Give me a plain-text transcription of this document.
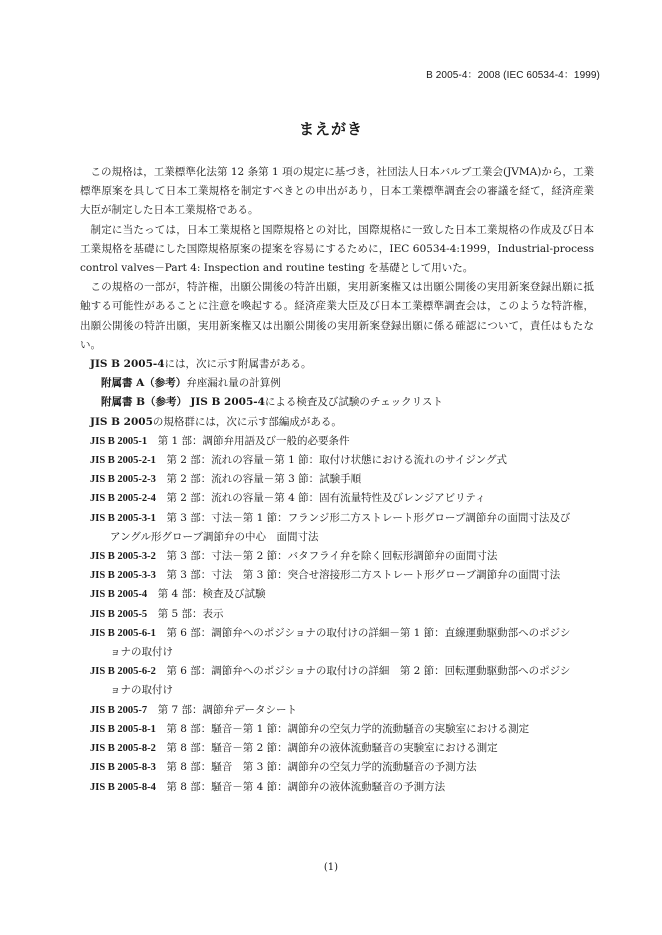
B 2005-4：2008 (IEC 60534-4：1999)
まえがき

この規格は，工業標準化法第 12 条第 1 項の規定に基づき，社団法人日本バルブ工業会(JVMA)から，工業標準原案を具して日本工業規格を制定すべきとの申出があり，日本工業標準調査会の審議を経て，経済産業大臣が制定した日本工業規格である。

制定に当たっては，日本工業規格と国際規格との対比，国際規格に一致した日本工業規格の作成及び日本工業規格を基礎にした国際規格原案の提案を容易にするために，IEC 60534-4:1999，Industrial-process control valves－Part 4: Inspection and routine testing を基礎として用いた。

この規格の一部が，特許権，出願公開後の特許出願，実用新案権又は出願公開後の実用新案登録出願に抵触する可能性があることに注意を喚起する。経済産業大臣及び日本工業標準調査会は，このような特許権，出願公開後の特許出願，実用新案権又は出願公開後の実用新案登録出願に係る確認について，責任はもたない。

JIS B 2005-4には，次に示す附属書がある。

附属書 A（参考）弁座漏れ量の計算例

附属書 B（参考） JIS B 2005-4による検査及び試験のチェックリスト

JIS B 2005の規格群には，次に示す部編成がある。

JIS B 2005-1　 第 1 部：調節弁用語及び一般的必要条件
JIS B 2005-2-1　 第 2 部：流れの容量－第 1 節：取付け状態における流れのサイジング式
JIS B 2005-2-3　 第 2 部：流れの容量－第 3 節：試験手順
JIS B 2005-2-4　 第 2 部：流れの容量－第 4 節：固有流量特性及びレンジアビリティ
JIS B 2005-3-1　 第 3 部：寸法－第 1 節：フランジ形二方ストレート形グローブ調節弁の面間寸法及び
アングル形グローブ調節弁の中心　面間寸法
JIS B 2005-3-2　 第 3 部：寸法－第 2 節：バタフライ弁を除く回転形調節弁の面間寸法
JIS B 2005-3-3　 第 3 部：寸法　第 3 節：突合せ溶接形二方ストレート形グローブ調節弁の面間寸法
JIS B 2005-4　 第 4 部：検査及び試験
JIS B 2005-5　 第 5 部：表示
JIS B 2005-6-1　 第 6 部：調節弁へのポジショナの取付けの詳細－第 1 節：直線運動駆動部へのポジシ
ョナの取付け
JIS B 2005-6-2　 第 6 部：調節弁へのポジショナの取付けの詳細　第 2 節：回転運動駆動部へのポジシ
ョナの取付け
JIS B 2005-7　 第 7 部：調節弁データシート
JIS B 2005-8-1　 第 8 部：騒音－第 1 節：調節弁の空気力学的流動騒音の実験室における測定
JIS B 2005-8-2　 第 8 部：騒音－第 2 節：調節弁の液体流動騒音の実験室における測定
JIS B 2005-8-3　 第 8 部：騒音　第 3 節：調節弁の空気力学的流動騒音の予測方法
JIS B 2005-8-4　 第 8 部：騒音－第 4 節：調節弁の液体流動騒音の予測方法
(1)
